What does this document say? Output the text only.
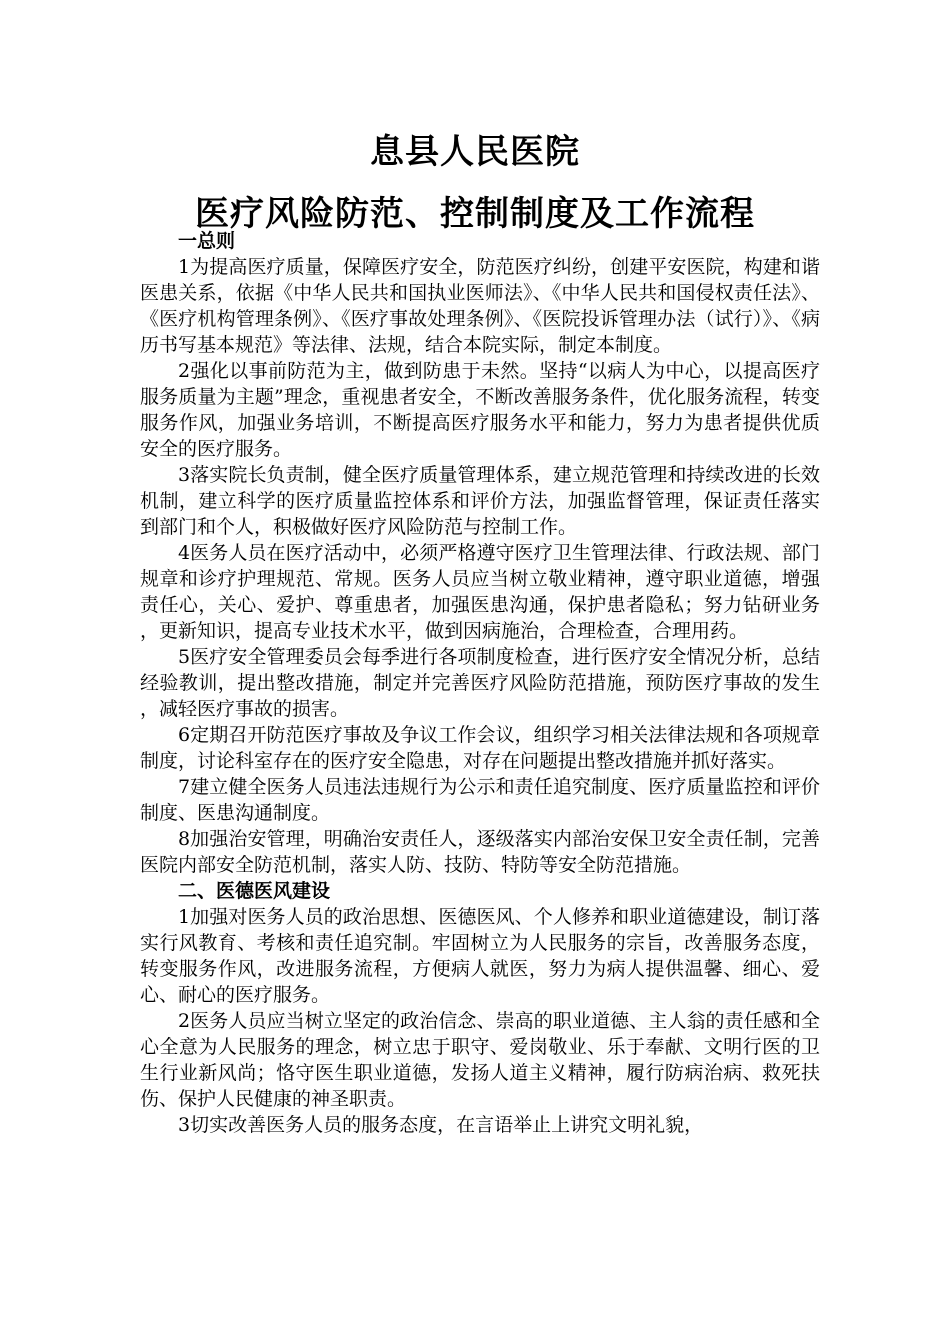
息县人民医院
医疗风险防范、控制制度及工作流程

一总则

1为提高医疗质量，保障医疗安全，防范医疗纠纷，创建平安医院，构建和谐医患关系，依据《中华人民共和国执业医师法》、《中华人民共和国侵权责任法》、《医疗机构管理条例》、《医疗事故处理条例》、《医院投诉管理办法（试行）》、《病历书写基本规范》等法律、法规，结合本院实际，制定本制度。

2强化以事前防范为主，做到防患于未然。坚持“以病人为中心，以提高医疗服务质量为主题”理念，重视患者安全，不断改善服务条件，优化服务流程，转变服务作风，加强业务培训，不断提高医疗服务水平和能力，努力为患者提供优质安全的医疗服务。

3落实院长负责制，健全医疗质量管理体系，建立规范管理和持续改进的长效机制，建立科学的医疗质量监控体系和评价方法，加强监督管理，保证责任落实到部门和个人，积极做好医疗风险防范与控制工作。

4医务人员在医疗活动中，必须严格遵守医疗卫生管理法律、行政法规、部门规章和诊疗护理规范、常规。医务人员应当树立敬业精神，遵守职业道德，增强责任心，关心、爱护、尊重患者，加强医患沟通，保护患者隐私；努力钻研业务，更新知识，提高专业技术水平，做到因病施治，合理检查，合理用药。

5医疗安全管理委员会每季进行各项制度检查，进行医疗安全情况分析，总结经验教训，提出整改措施，制定并完善医疗风险防范措施，预防医疗事故的发生，减轻医疗事故的损害。

6定期召开防范医疗事故及争议工作会议，组织学习相关法律法规和各项规章制度，讨论科室存在的医疗安全隐患，对存在问题提出整改措施并抓好落实。

7建立健全医务人员违法违规行为公示和责任追究制度、医疗质量监控和评价制度、医患沟通制度。

8加强治安管理，明确治安责任人，逐级落实内部治安保卫安全责任制，完善医院内部安全防范机制，落实人防、技防、特防等安全防范措施。

二、医德医风建设

1加强对医务人员的政治思想、医德医风、个人修养和职业道德建设，制订落实行风教育、考核和责任追究制。牢固树立为人民服务的宗旨，改善服务态度，转变服务作风，改进服务流程，方便病人就医，努力为病人提供温馨、细心、爱心、耐心的医疗服务。

2医务人员应当树立坚定的政治信念、崇高的职业道德、主人翁的责任感和全心全意为人民服务的理念，树立忠于职守、爱岗敬业、乐于奉献、文明行医的卫生行业新风尚；恪守医生职业道德，发扬人道主义精神，履行防病治病、救死扶伤、保护人民健康的神圣职责。

3切实改善医务人员的服务态度，在言语举止上讲究文明礼貌，
